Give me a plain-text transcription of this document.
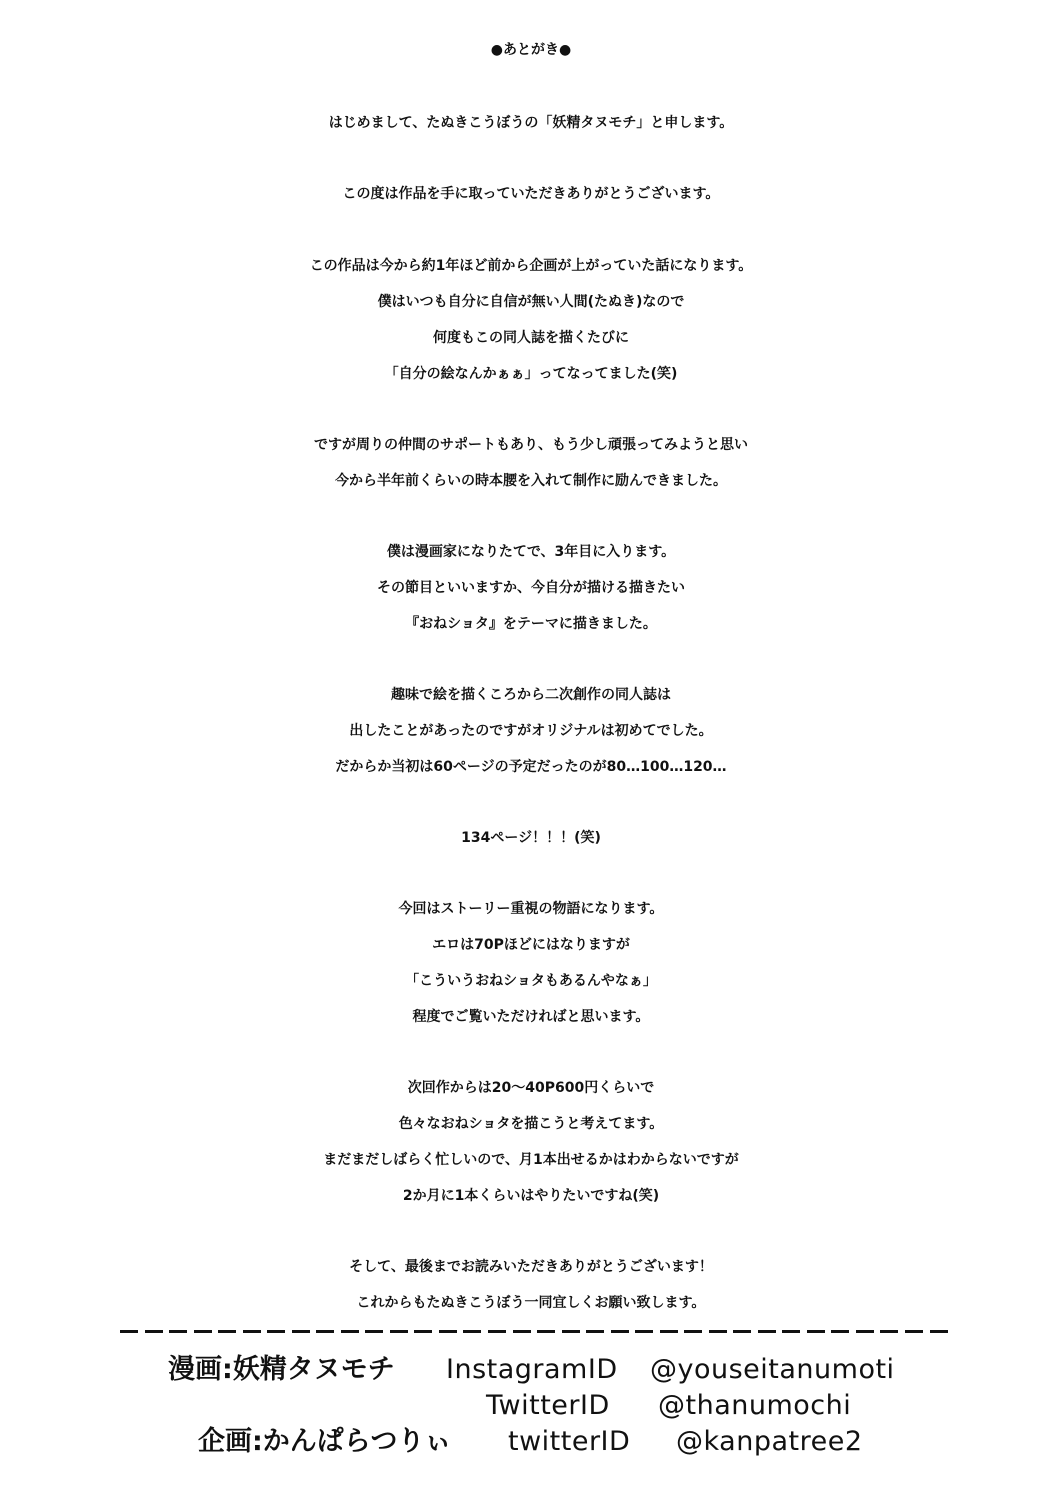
●あとがき●
はじめまして、たぬきこうぼうの「妖精タヌモチ」と申します。
この度は作品を手に取っていただきありがとうございます。
この作品は今から約1年ほど前から企画が上がっていた話になります。
僕はいつも自分に自信が無い人間(たぬき)なので
何度もこの同人誌を描くたびに
「自分の絵なんかぁぁ」ってなってました(笑)
ですが周りの仲間のサポートもあり、もう少し頑張ってみようと思い
今から半年前くらいの時本腰を入れて制作に励んできました。
僕は漫画家になりたてで、3年目に入ります。
その節目といいますか、今自分が描ける描きたい
『おねショタ』をテーマに描きました。
趣味で絵を描くころから二次創作の同人誌は
出したことがあったのですがオリジナルは初めてでした。
だからか当初は60ページの予定だったのが80…100…120…
134ページ！！！(笑)
今回はストーリー重視の物語になります。
エロは70Pほどにはなりますが
「こういうおねショタもあるんやなぁ」
程度でご覧いただければと思います。
次回作からは20～40P600円くらいで
色々なおねショタを描こうと考えてます。
まだまだしばらく忙しいので、月1本出せるかはわからないですが
2か月に1本くらいはやりたいですね(笑)
そして、最後までお読みいただきありがとうございます！
これからもたぬきこうぼう一同宜しくお願い致します。
漫画:妖精タヌモチ InstagramID @youseitanumoti
TwitterID @thanumochi
企画:かんぱらつりぃ twitterID @kanpatree2
